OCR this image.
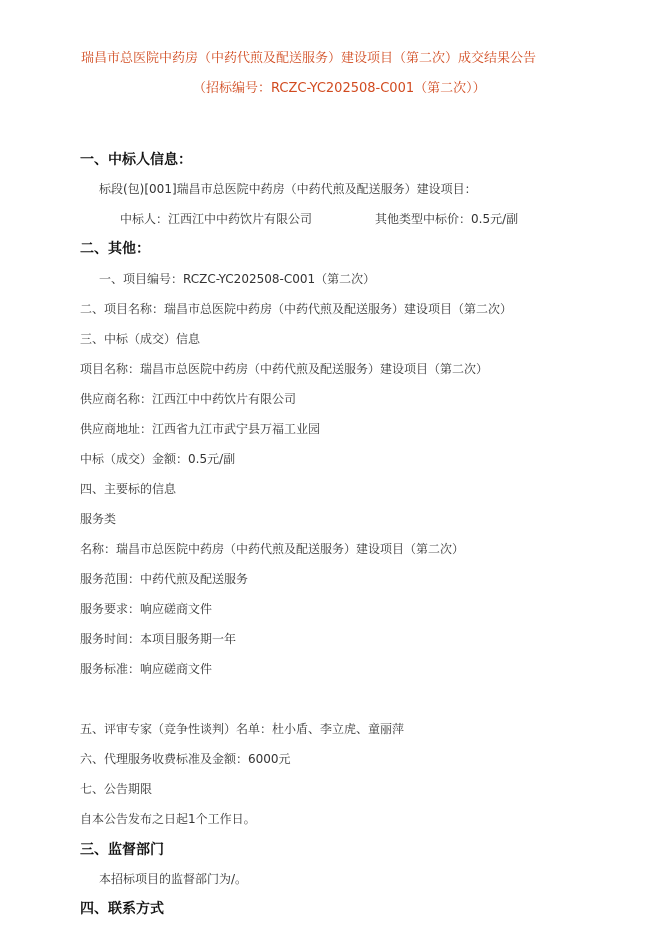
瑞昌市总医院中药房（中药代煎及配送服务）建设项目（第二次）成交结果公告
（招标编号：RCZC-YC202508-C001（第二次））
一、中标人信息：
标段(包)[001]瑞昌市总医院中药房（中药代煎及配送服务）建设项目：
中标人：江西江中中药饮片有限公司	其他类型中标价：0.5元/副
二、其他：
一、项目编号：RCZC-YC202508-C001（第二次）
二、项目名称：瑞昌市总医院中药房（中药代煎及配送服务）建设项目（第二次）
三、中标（成交）信息
项目名称：瑞昌市总医院中药房（中药代煎及配送服务）建设项目（第二次）
供应商名称：江西江中中药饮片有限公司
供应商地址：江西省九江市武宁县万福工业园
中标（成交）金额：0.5元/副
四、主要标的信息
服务类
名称：瑞昌市总医院中药房（中药代煎及配送服务）建设项目（第二次）
服务范围：中药代煎及配送服务
服务要求：响应磋商文件
服务时间：本项目服务期一年
服务标准：响应磋商文件
五、评审专家（竞争性谈判）名单：杜小盾、李立虎、童丽萍
六、代理服务收费标准及金额：6000元
七、公告期限
自本公告发布之日起1个工作日。
三、监督部门
本招标项目的监督部门为/。
四、联系方式
